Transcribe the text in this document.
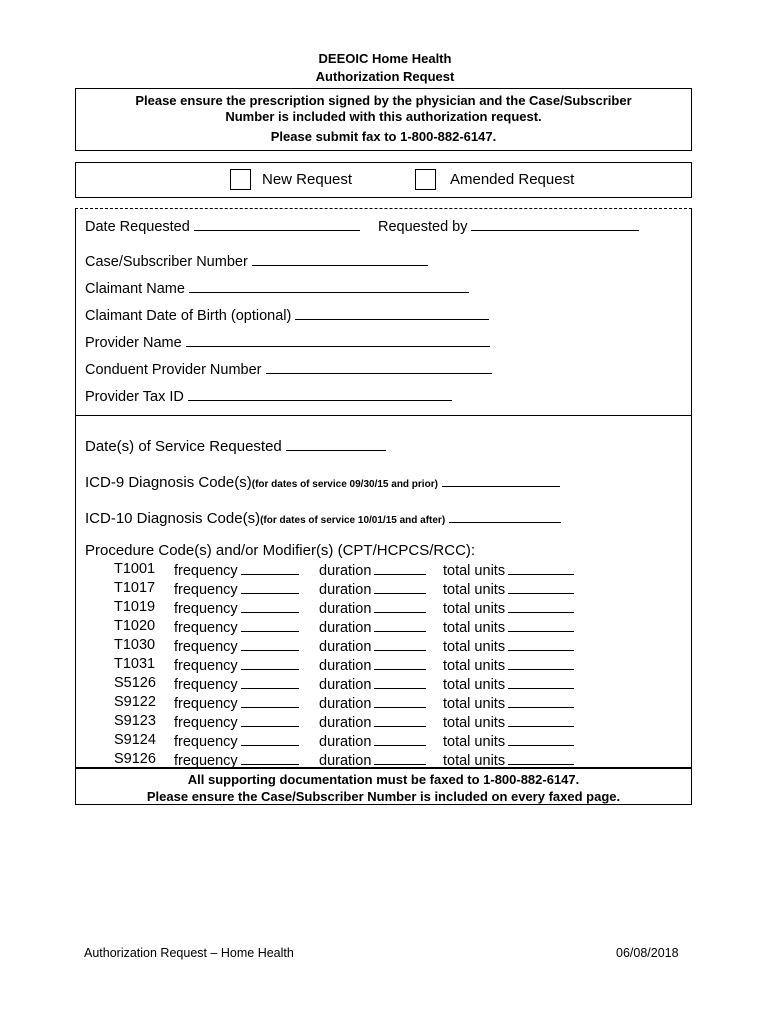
DEEOIC Home Health
Authorization Request
Please ensure the prescription signed by the physician and the Case/Subscriber
Number is included with this authorization request.
Please submit fax to 1-800-882-6147.
New Request	Amended Request
Date Requested	Requested by
Case/Subscriber Number
Claimant Name
Claimant Date of Birth (optional)
Provider Name
Conduent Provider Number
Provider Tax ID
Date(s) of Service Requested
ICD-9 Diagnosis Code(s)(for dates of service 09/30/15 and prior)
ICD-10 Diagnosis Code(s)(for dates of service 10/01/15 and after)
Procedure Code(s) and/or Modifier(s) (CPT/HCPCS/RCC):
T1001 frequency	duration	total units
T1017 frequency	duration	total units
T1019 frequency	duration	total units
T1020 frequency	duration	total units
T1030 frequency	duration	total units
T1031 frequency	duration	total units
S5126 frequency	duration	total units
S9122 frequency	duration	total units
S9123 frequency	duration	total units
S9124 frequency	duration	total units
S9126 frequency	duration	total units
All supporting documentation must be faxed to 1-800-882-6147.
Please ensure the Case/Subscriber Number is included on every faxed page.
Authorization Request – Home Health	06/08/2018
